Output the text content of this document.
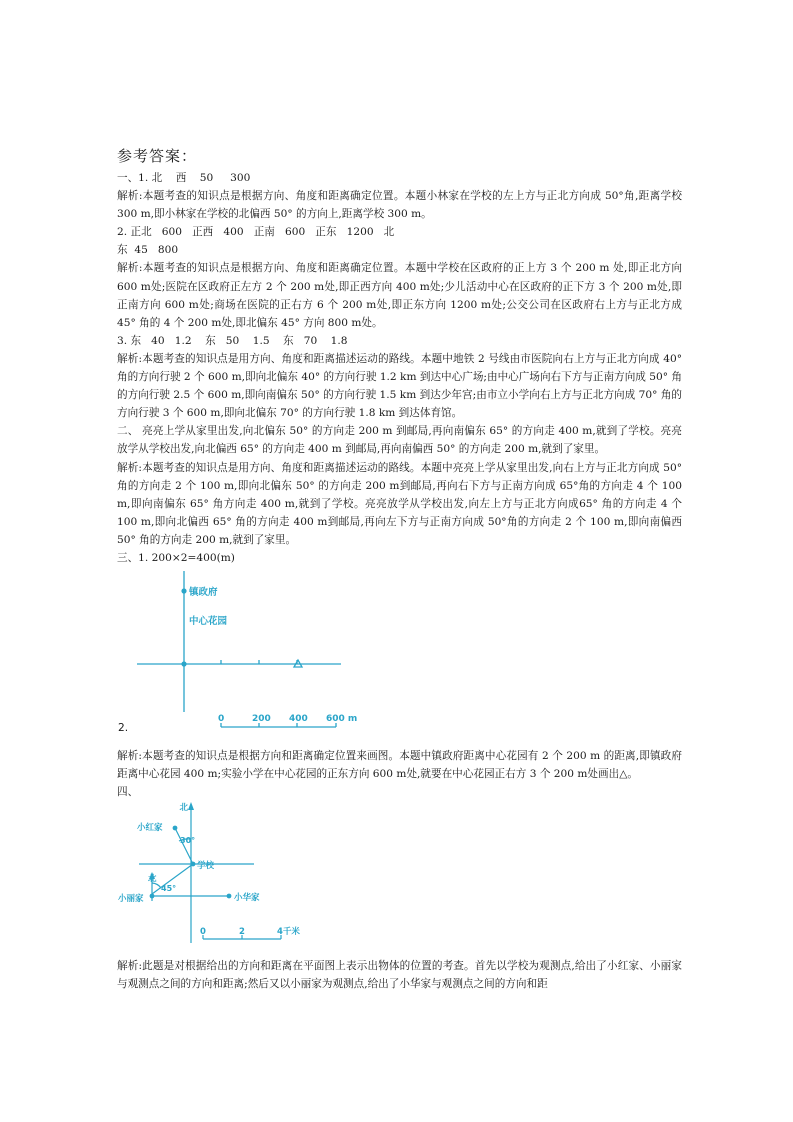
参考答案：

一、1. 北    西    50     300

解析:本题考查的知识点是根据方向、角度和距离确定位置。本题小林家在学校的左上方与正北方向成 50°角,距离学校 300 m,即小林家在学校的北偏西 50° 的方向上,距离学校 300 m。

2. 正北   600   正西   400   正南   600   正东   1200   北

东  45   800

解析:本题考查的知识点是根据方向、角度和距离确定位置。本题中学校在区政府的正上方 3 个 200 m 处,即正北方向 600 m处;医院在区政府正左方 2 个 200 m处,即正西方向 400 m处;少儿活动中心在区政府的正下方 3 个 200 m处,即正南方向 600 m处;商场在医院的正右方 6 个 200 m处,即正东方向 1200 m处;公交公司在区政府右上方与正北方成 45° 角的 4 个 200 m处,即北偏东 45° 方向 800 m处。

3. 东   40   1.2    东   50    1.5    东   70    1.8

解析:本题考查的知识点是用方向、角度和距离描述运动的路线。本题中地铁 2 号线由市医院向右上方与正北方向成 40° 角的方向行驶 2 个 600 m,即向北偏东 40° 的方向行驶 1.2 km 到达中心广场;由中心广场向右下方与正南方向成 50° 角的方向行驶 2.5 个 600 m,即向南偏东 50° 的方向行驶 1.5 km 到达少年宫;由市立小学向右上方与正北方向成 70° 角的方向行驶 3 个 600 m,即向北偏东 70° 的方向行驶 1.8 km 到达体育馆。

二、 亮亮上学从家里出发,向北偏东 50° 的方向走 200 m 到邮局,再向南偏东 65° 的方向走 400 m,就到了学校。亮亮放学从学校出发,向北偏西 65° 的方向走 400 m 到邮局,再向南偏西 50° 的方向走 200 m,就到了家里。

解析:本题考查的知识点是用方向、角度和距离描述运动的路线。本题中亮亮上学从家里出发,向右上方与正北方向成 50° 角的方向走 2 个 100 m,即向北偏东 50° 的方向走 200 m到邮局,再向右下方与正南方向成 65°角的方向走 4 个 100 m,即向南偏东 65° 角方向走 400 m,就到了学校。亮亮放学从学校出发,向左上方与正北方向成65° 角的方向走 4 个 100 m,即向北偏西 65° 角的方向走 400 m到邮局,再向左下方与正南方向成 50°角的方向走 2 个 100 m,即向南偏西 50° 角的方向走 200 m,就到了家里。

三、1. 200×2=400(m)

镇政府
中心花园
0	200 400 600 m
2.

解析:本题考查的知识点是根据方向和距离确定位置来画图。本题中镇政府距离中心花园有 2 个 200 m 的距离,即镇政府距离中心花园 400 m;实验小学在中心花园的正东方向 600 m处,就要在中心花园正右方 3 个 200 m处画出△。

四、

北
小红家
30°
学校
北
45°
小丽家	小华家
0	2	4千米

解析:此题是对根据给出的方向和距离在平面图上表示出物体的位置的考查。首先以学校为观测点,给出了小红家、小丽家与观测点之间的方向和距离;然后又以小丽家为观测点,给出了小华家与观测点之间的方向和距
